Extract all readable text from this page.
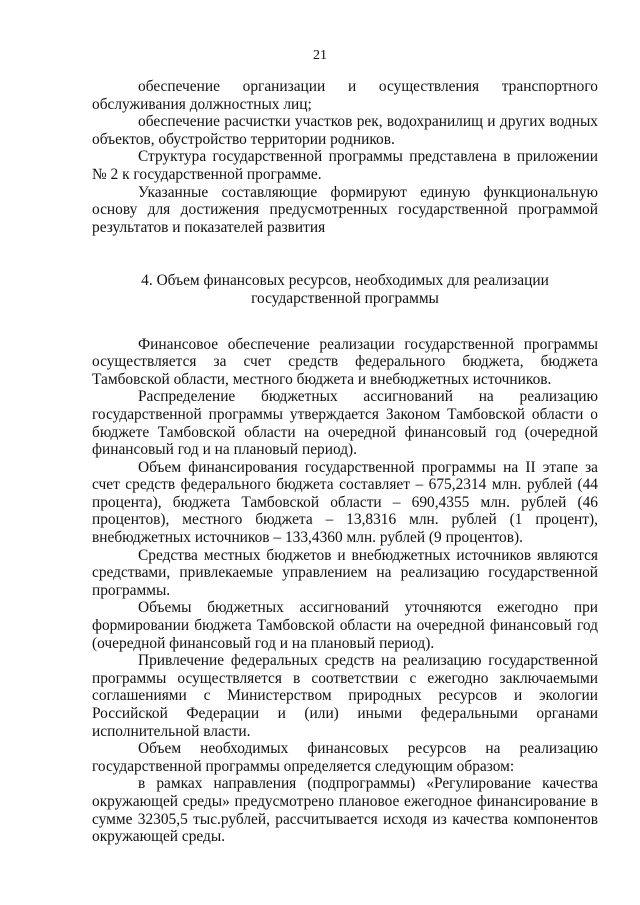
21

обеспечение организации и осуществления транспортного обслуживания должностных лиц;

обеспечение расчистки участков рек, водохранилищ и других водных объектов, обустройство территории родников.

Структура государственной программы представлена в приложении № 2 к государственной программе.

Указанные составляющие формируют единую функциональную основу для достижения предусмотренных государственной программой результатов и показателей развития

4. Объем финансовых ресурсов, необходимых для реализации
государственной программы

Финансовое обеспечение реализации государственной программы осуществляется за счет средств федерального бюджета, бюджета Тамбовской области, местного бюджета и внебюджетных источников.

Распределение бюджетных ассигнований на реализацию государственной программы утверждается Законом Тамбовской области о бюджете Тамбовской области на очередной финансовый год (очередной финансовый год и на плановый период).

Объем финансирования государственной программы на II этапе за счет средств федерального бюджета составляет – 675,2314 млн. рублей (44 процента), бюджета Тамбовской области – 690,4355 млн. рублей (46 процентов), местного бюджета – 13,8316 млн. рублей (1 процент), внебюджетных источников – 133,4360 млн. рублей (9 процентов).

Средства местных бюджетов и внебюджетных источников являются средствами, привлекаемые управлением на реализацию государственной программы.

Объемы бюджетных ассигнований уточняются ежегодно при формировании бюджета Тамбовской области на очередной финансовый год (очередной финансовый год и на плановый период).

Привлечение федеральных средств на реализацию государственной программы осуществляется в соответствии с ежегодно заключаемыми соглашениями с Министерством природных ресурсов и экологии Российской Федерации и (или) иными федеральными органами исполнительной власти.

Объем необходимых финансовых ресурсов на реализацию государственной программы определяется следующим образом:

в рамках направления (подпрограммы) «Регулирование качества окружающей среды» предусмотрено плановое ежегодное финансирование в сумме 32305,5 тыс.рублей, рассчитывается исходя из качества компонентов окружающей среды.
